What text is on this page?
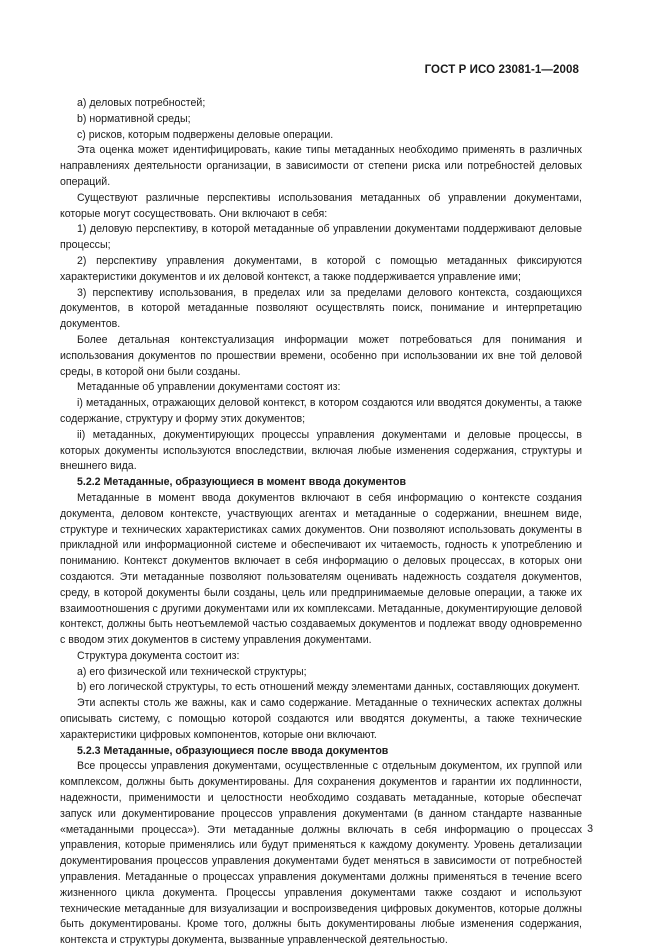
ГОСТ Р ИСО 23081-1—2008

а) деловых потребностей;

b) нормативной среды;

c) рисков, которым подвержены деловые операции.

Эта оценка может идентифицировать, какие типы метаданных необходимо применять в различных направлениях деятельности организации, в зависимости от степени риска или потребностей деловых операций.

Существуют различные перспективы использования метаданных об управлении документами, которые могут сосуществовать. Они включают в себя:

1) деловую перспективу, в которой метаданные об управлении документами поддерживают деловые процессы;

2) перспективу управления документами, в которой с помощью метаданных фиксируются характеристики документов и их деловой контекст, а также поддерживается управление ими;

3) перспективу использования, в пределах или за пределами делового контекста, создающихся документов, в которой метаданные позволяют осуществлять поиск, понимание и интерпретацию документов.

Более детальная контекстуализация информации может потребоваться для понимания и использования документов по прошествии времени, особенно при использовании их вне той деловой среды, в которой они были созданы.

Метаданные об управлении документами состоят из:

i) метаданных, отражающих деловой контекст, в котором создаются или вводятся документы, а также содержание, структуру и форму этих документов;

ii) метаданных, документирующих процессы управления документами и деловые процессы, в которых документы используются впоследствии, включая любые изменения содержания, структуры и внешнего вида.

5.2.2 Метаданные, образующиеся в момент ввода документов

Метаданные в момент ввода документов включают в себя информацию о контексте создания документа, деловом контексте, участвующих агентах и метаданные о содержании, внешнем виде, структуре и технических характеристиках самих документов. Они позволяют использовать документы в прикладной или информационной системе и обеспечивают их читаемость, годность к употреблению и пониманию. Контекст документов включает в себя информацию о деловых процессах, в которых они создаются. Эти метаданные позволяют пользователям оценивать надежность создателя документов, среду, в которой документы были созданы, цель или предпринимаемые деловые операции, а также их взаимоотношения с другими документами или их комплексами. Метаданные, документирующие деловой контекст, должны быть неотъемлемой частью создаваемых документов и подлежат вводу одновременно с вводом этих документов в систему управления документами.

Структура документа состоит из:

а) его физической или технической структуры;

b) его логической структуры, то есть отношений между элементами данных, составляющих документ.

Эти аспекты столь же важны, как и само содержание. Метаданные о технических аспектах должны описывать систему, с помощью которой создаются или вводятся документы, а также технические характеристики цифровых компонентов, которые они включают.

5.2.3 Метаданные, образующиеся после ввода документов

Все процессы управления документами, осуществленные с отдельным документом, их группой или комплексом, должны быть документированы. Для сохранения документов и гарантии их подлинности, надежности, применимости и целостности необходимо создавать метаданные, которые обеспечат запуск или документирование процессов управления документами (в данном стандарте названные «метаданными процесса»). Эти метаданные должны включать в себя информацию о процессах управления, которые применялись или будут применяться к каждому документу. Уровень детализации документирования процессов управления документами будет меняться в зависимости от потребностей управления. Метаданные о процессах управления документами должны применяться в течение всего жизненного цикла документа. Процессы управления документами также создают и используют технические метаданные для визуализации и воспроизведения цифровых документов, которые должны быть документированы. Кроме того, должны быть документированы любые изменения содержания, контекста и структуры документа, вызванные управленческой деятельностью.

3
